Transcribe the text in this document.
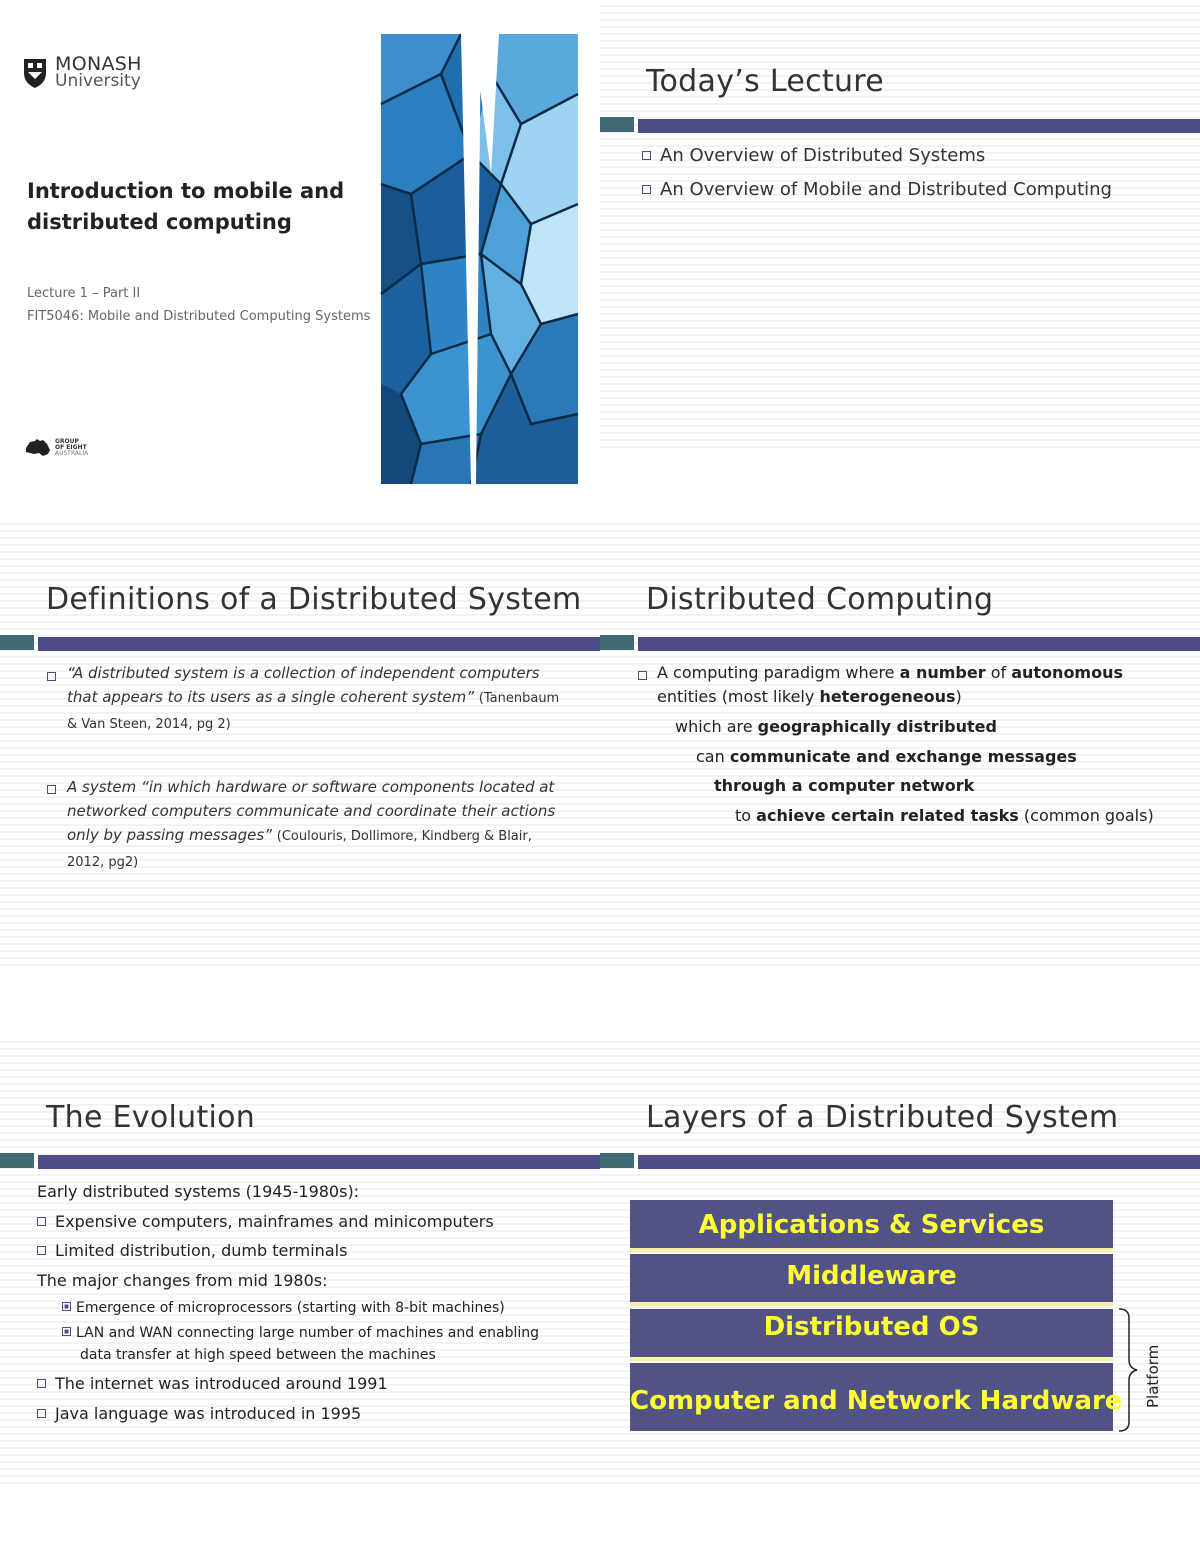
MONASH
University
Introduction to mobile and distributed computing
Lecture 1 – Part II
FIT5046: Mobile and Distributed Computing Systems
GROUP
OF EIGHT
AUSTRALIA
Today’s Lecture
An Overview of Distributed Systems
An Overview of Mobile and Distributed Computing
Definitions of a Distributed System
“A distributed system is a collection of independent computers that appears to its users as a single coherent system” (Tanenbaum & Van Steen, 2014, pg 2)
A system “in which hardware or software components located at networked computers communicate and coordinate their actions only by passing messages” (Coulouris, Dollimore, Kindberg & Blair, 2012, pg2)
Distributed Computing
A computing paradigm where a number of autonomous
entities (most likely heterogeneous)
which are geographically distributed
can communicate and exchange messages
through a computer network
to achieve certain related tasks (common goals)
The Evolution
Early distributed systems (1945-1980s):
Expensive computers, mainframes and minicomputers
Limited distribution, dumb terminals
The major changes from mid 1980s:
Emergence of microprocessors (starting with 8-bit machines)
LAN and WAN connecting large number of machines and enabling
data transfer at high speed between the machines
The internet was introduced around 1991
Java language was introduced in 1995
Layers of a Distributed System
Applications & Services
Middleware
Distributed OS
Computer and Network Hardware Platform
